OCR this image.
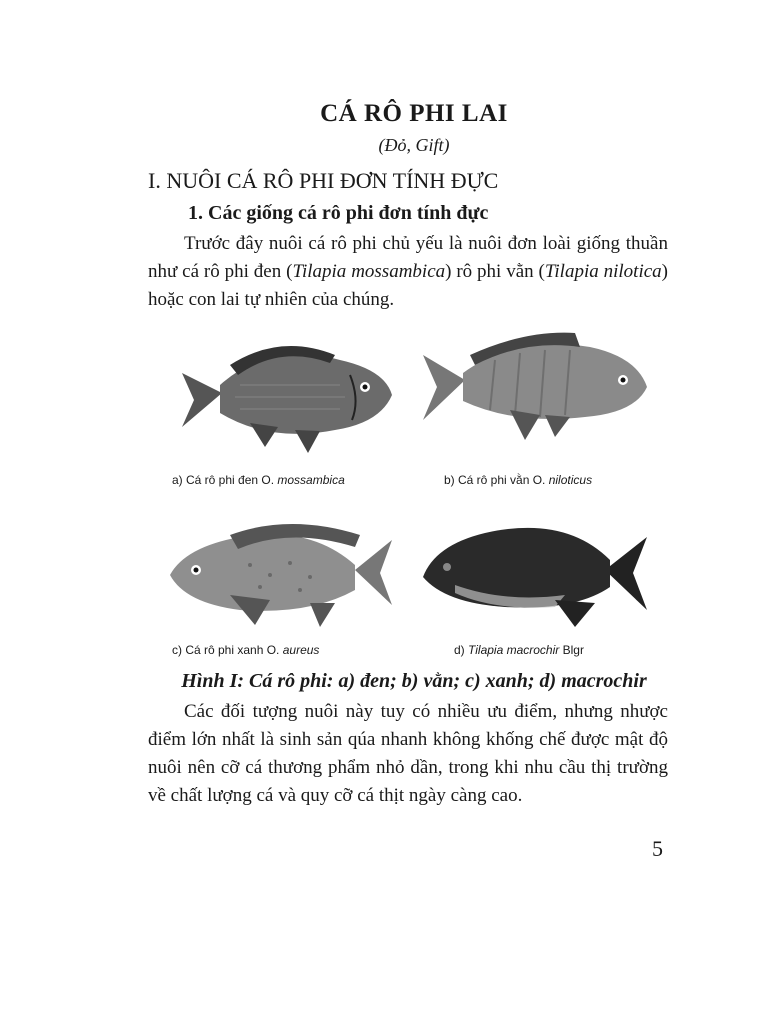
CÁ RÔ PHI LAI
(Đỏ, Gift)
I. NUÔI CÁ RÔ PHI ĐƠN TÍNH ĐỰC
1. Các giống cá rô phi đơn tính đực

Trước đây nuôi cá rô phi chủ yếu là nuôi đơn loài giống thuần như cá rô phi đen (Tilapia mossambica) rô phi vằn (Tilapia nilotica) hoặc con lai tự nhiên của chúng.

a) Cá rô phi đen O. mossambica	b) Cá rô phi vằn O. niloticus
c) Cá rô phi xanh O. aureus	d) Tilapia macrochir Blgr
Hình I: Cá rô phi: a) đen; b) vằn; c) xanh; d) macrochir

Các đối tượng nuôi này tuy có nhiều ưu điểm, nhưng nhược điểm lớn nhất là sinh sản qúa nhanh không khống chế được mật độ nuôi nên cỡ cá thương phẩm nhỏ dần, trong khi nhu cầu thị trường về chất lượng cá và quy cỡ cá thịt ngày càng cao.

5
